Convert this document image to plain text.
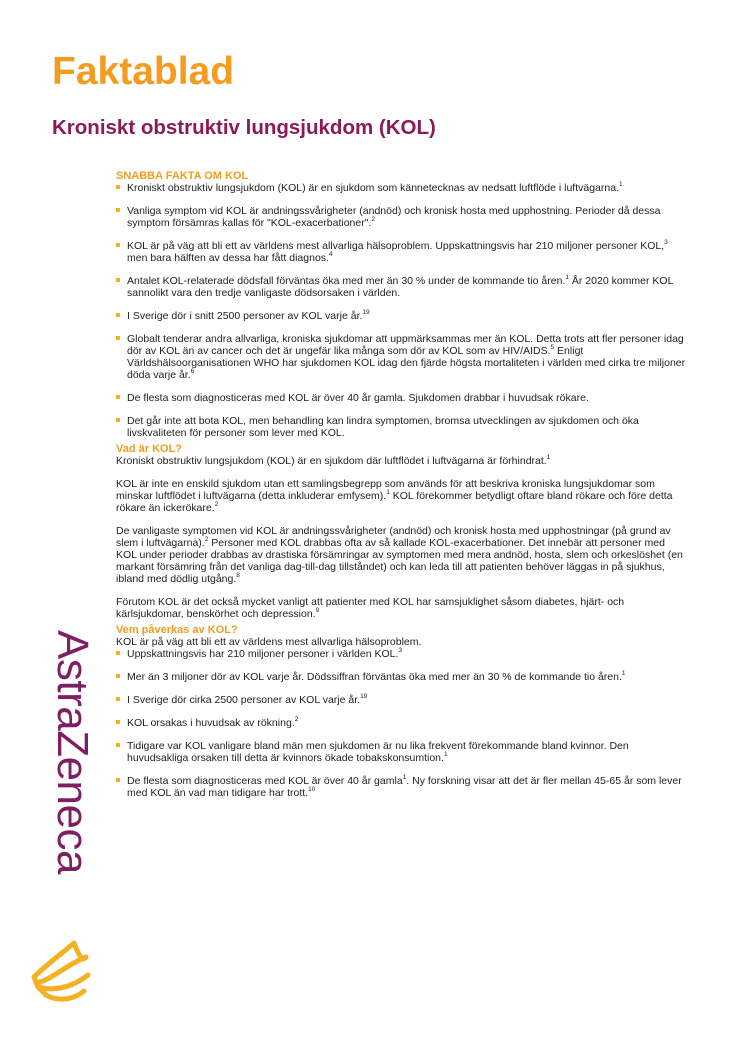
Faktablad
Kroniskt obstruktiv lungsjukdom (KOL)
SNABBA FAKTA OM KOL
Kroniskt obstruktiv lungsjukdom (KOL) är en sjukdom som kännetecknas av nedsatt luftflöde i luftvägarna.$^1$
Vanliga symptom vid KOL är andningssvårigheter (andnöd) och kronisk hosta med upphostning. Perioder då dessa symptom försämras kallas för "KOL-exacerbationer".$^2$
KOL är på väg att bli ett av världens mest allvarliga hälsoproblem. Uppskattningsvis har 210 miljoner personer KOL,$^3$ men bara hälften av dessa har fått diagnos.$^4$
Antalet KOL-relaterade dödsfall förväntas öka med mer än 30 % under de kommande tio åren.$^1$ År 2020 kommer KOL sannolikt vara den tredje vanligaste dödsorsaken i världen.
I Sverige dör i snitt 2500 personer av KOL varje år.$^{19}$
Globalt tenderar andra allvarliga, kroniska sjukdomar att uppmärksammas mer än KOL. Detta trots att fler personer idag dör av KOL än av cancer och det är ungefär lika många som dör av KOL som av HIV/AIDS.$^5$ Enligt Världshälsoorganisationen WHO har sjukdomen KOL idag den fjärde högsta mortaliteten i världen med cirka tre miljoner döda varje år.$^6$
De flesta som diagnosticeras med KOL är över 40 år gamla. Sjukdomen drabbar i huvudsak rökare.
Det går inte att bota KOL, men behandling kan lindra symptomen, bromsa utvecklingen av sjukdomen och öka livskvaliteten för personer som lever med KOL.
Vad är KOL?

Kroniskt obstruktiv lungsjukdom (KOL) är en sjukdom där luftflödet i luftvägarna är förhindrat.$^1$

KOL är inte en enskild sjukdom utan ett samlingsbegrepp som används för att beskriva kroniska lungsjukdomar som minskar luftflödet i luftvägarna (detta inkluderar emfysem).$^1$ KOL förekommer betydligt oftare bland rökare och före detta rökare än ickerökare.$^2$

De vanligaste symptomen vid KOL är andningssvårigheter (andnöd) och kronisk hosta med upphostningar (på grund av slem i luftvägarna).$^2$ Personer med KOL drabbas ofta av så kallade KOL-exacerbationer. Det innebär att personer med KOL under perioder drabbas av drastiska försämringar av symptomen med mera andnöd, hosta, slem och orkeslöshet (en markant försämring från det vanliga dag-till-dag tillståndet) och kan leda till att patienten behöver läggas in på sjukhus, ibland med dödlig utgång.$^8$

Förutom KOL är det också mycket vanligt att patienter med KOL har samsjuklighet såsom diabetes, hjärt- och kärlsjukdomar, benskörhet och depression.$^9$

Vem påverkas av KOL?
KOL är på väg att bli ett av världens mest allvarliga hälsoproblem.
Uppskattningsvis har 210 miljoner personer i världen KOL.$^3$
Mer än 3 miljoner dör av KOL varje år. Dödssiffran förväntas öka med mer än 30 % de kommande tio åren.$^1$
I Sverige dör cirka 2500 personer av KOL varje år.$^{19}$
KOL orsakas i huvudsak av rökning.$^2$
Tidigare var KOL vanligare bland män men sjukdomen är nu lika frekvent förekommande bland kvinnor. Den huvudsakliga orsaken till detta är kvinnors ökade tobakskonsumtion.$^1$
De flesta som diagnosticeras med KOL är över 40 år gamla$^1$. Ny forskning visar att det är fler mellan 45-65 år som lever med KOL än vad man tidigare har trott.$^{10}$
AstraZeneca
